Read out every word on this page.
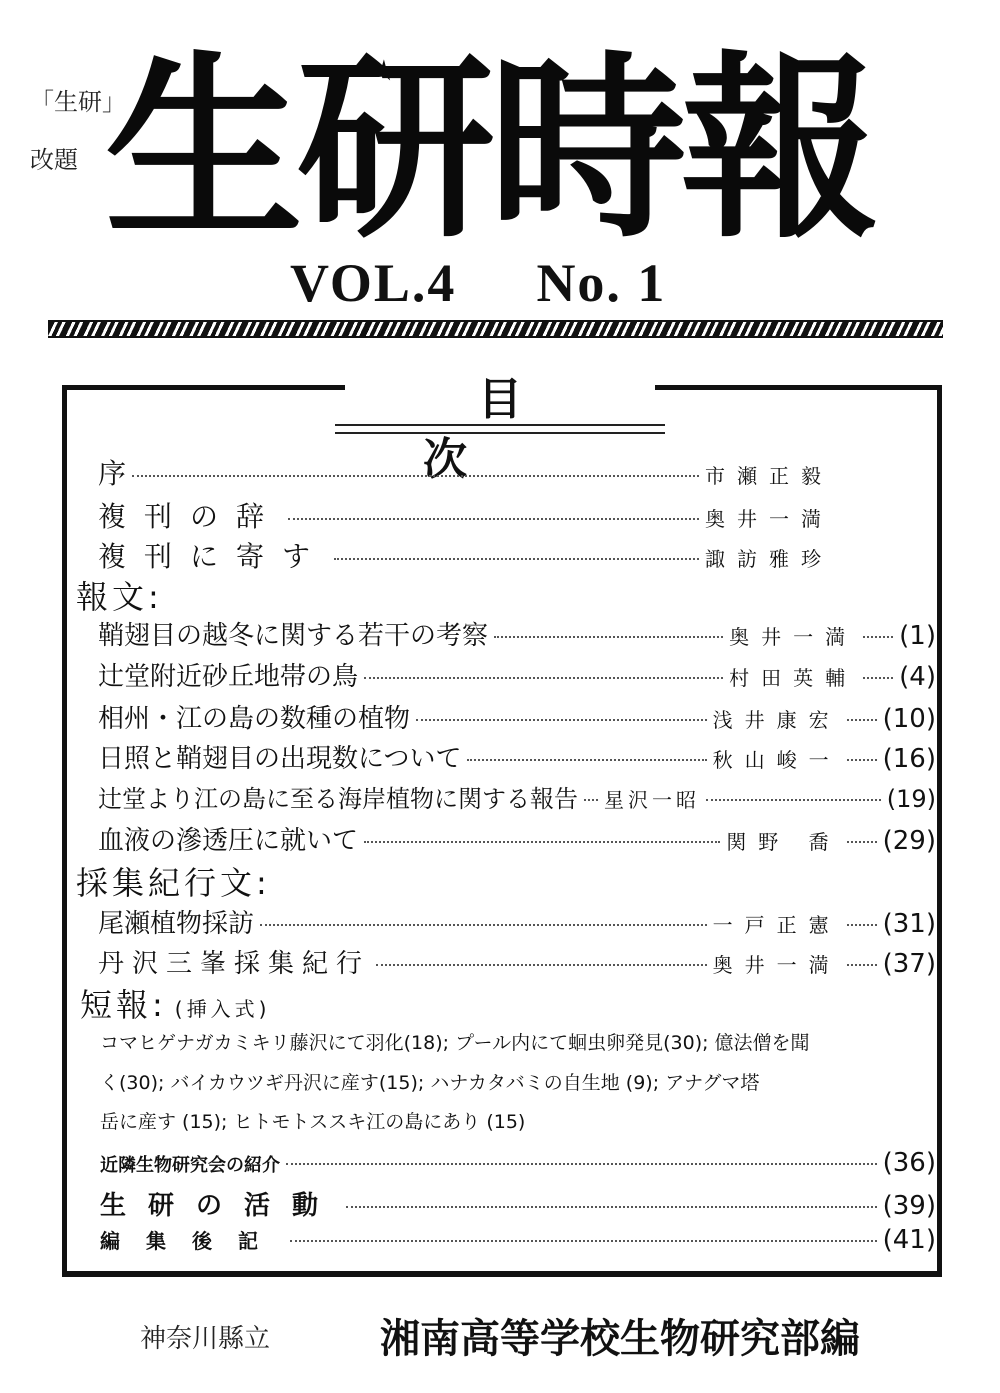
「生研」
改題 生研時報
VOL.4 No. 1
目次
序	市瀬正毅
複刊の辞	奥井一満
複刊に寄す	諏訪雅珍
報文:
鞘翅目の越冬に関する若干の考察	奥井一満 (1)
辻堂附近砂丘地帯の鳥	村田英輔 (4)
相州・江の島の数種の植物	浅井康宏 (10)
日照と鞘翅目の出現数について	秋山峻一 (16)
辻堂より江の島に至る海岸植物に関する報告 星沢一昭	(19)
血液の滲透圧に就いて	関野 喬 (29)
採集紀行文:
尾瀬植物採訪	一戸正憲 (31)
丹沢三峯採集紀行	奥井一満 (37)
短報: (挿入式)
コマヒゲナガカミキリ藤沢にて羽化(18); プール内にて蛔虫卵発見(30); 億法僧を聞
く(30); バイカウツギ丹沢に産す(15); ハナカタバミの自生地 (9); アナグマ塔
岳に産す (15); ヒトモトススキ江の島にあり (15)
近隣生物研究会の紹介	(36)
生研の活動	(39)
編集後記	(41)
神奈川縣立	湘南高等学校生物研究部編
